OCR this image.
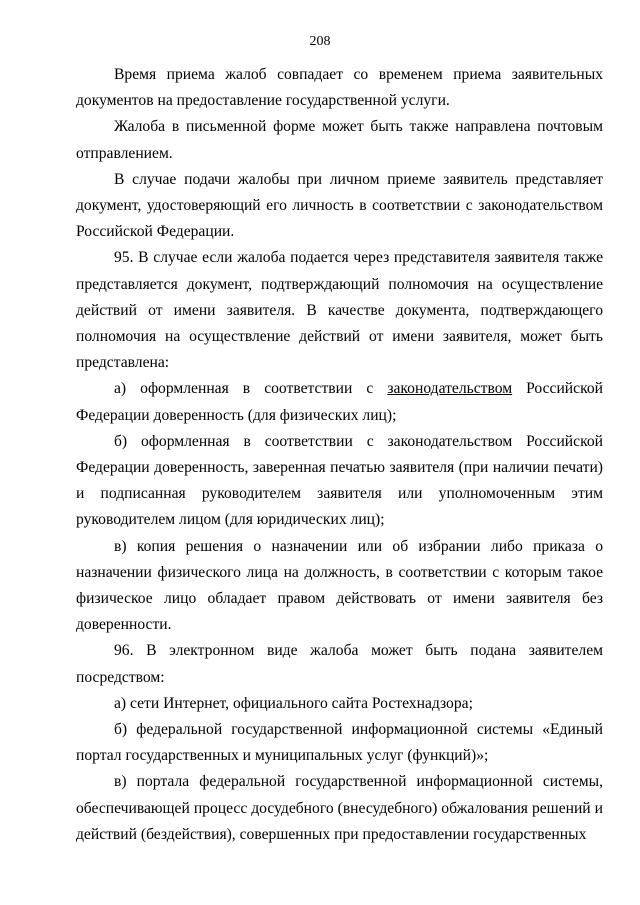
208

Время приема жалоб совпадает со временем приема заявительных документов на предоставление государственной услуги.

Жалоба в письменной форме может быть также направлена почтовым отправлением.

В случае подачи жалобы при личном приеме заявитель представляет документ, удостоверяющий его личность в соответствии с законодательством Российской Федерации.

95. В случае если жалоба подается через представителя заявителя также представляется документ, подтверждающий полномочия на осуществление действий от имени заявителя. В качестве документа, подтверждающего полномочия на осуществление действий от имени заявителя, может быть представлена:

а) оформленная в соответствии с законодательством Российской Федерации доверенность (для физических лиц);

б) оформленная в соответствии с законодательством Российской Федерации доверенность, заверенная печатью заявителя (при наличии печати) и подписанная руководителем заявителя или уполномоченным этим руководителем лицом (для юридических лиц);

в) копия решения о назначении или об избрании либо приказа о назначении физического лица на должность, в соответствии с которым такое физическое лицо обладает правом действовать от имени заявителя без доверенности.

96. В электронном виде жалоба может быть подана заявителем посредством:

а) сети Интернет, официального сайта Ростехнадзора;

б) федеральной государственной информационной системы «Единый портал государственных и муниципальных услуг (функций)»;

в) портала федеральной государственной информационной системы, обеспечивающей процесс досудебного (внесудебного) обжалования решений и действий (бездействия), совершенных при предоставлении государственных
